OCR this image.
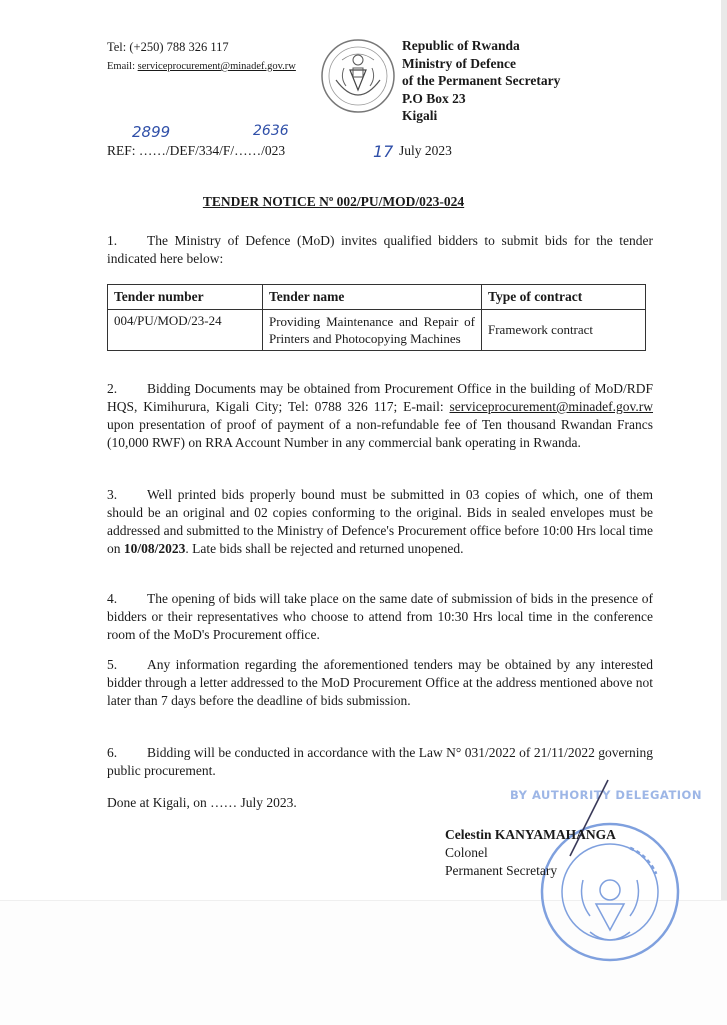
Tel: (+250) 788 326 117
Email: serviceprocurement@minadef.gov.rw
Republic of Rwanda
Ministry of Defence
of the Permanent Secretary
P.O Box 23
Kigali
2899	2636
REF: ……/DEF/334/F/……/023	17 July 2023
TENDER NOTICE Nº 002/PU/MOD/023-024
1. The Ministry of Defence (MoD) invites qualified bidders to submit bids for the tender indicated here below:
Tender number	Tender name	Type of contract
004/PU/MOD/23-24	Providing Maintenance and Repair of Printers and Photocopying Machines	Framework contract
2. Bidding Documents may be obtained from Procurement Office in the building of MoD/RDF HQS, Kimihurura, Kigali City; Tel: 0788 326 117; E-mail: serviceprocurement@minadef.gov.rw upon presentation of proof of payment of a non-refundable fee of Ten thousand Rwandan Francs (10,000 RWF) on RRA Account Number in any commercial bank operating in Rwanda.
3. Well printed bids properly bound must be submitted in 03 copies of which, one of them should be an original and 02 copies conforming to the original. Bids in sealed envelopes must be addressed and submitted to the Ministry of Defence's Procurement office before 10:00 Hrs local time on 10/08/2023. Late bids shall be rejected and returned unopened.
4. The opening of bids will take place on the same date of submission of bids in the presence of bidders or their representatives who choose to attend from 10:30 Hrs local time in the conference room of the MoD's Procurement office.
5. Any information regarding the aforementioned tenders may be obtained by any interested bidder through a letter addressed to the MoD Procurement Office at the address mentioned above not later than 7 days before the deadline of bids submission.
6. Bidding will be conducted in accordance with the Law N° 031/2022 of 21/11/2022 governing public procurement.
Done at Kigali, on …… July 2023.	BY AUTHORITY DELEGATION
Celestin KANYAMAHANGA
Colonel
Permanent Secretary
